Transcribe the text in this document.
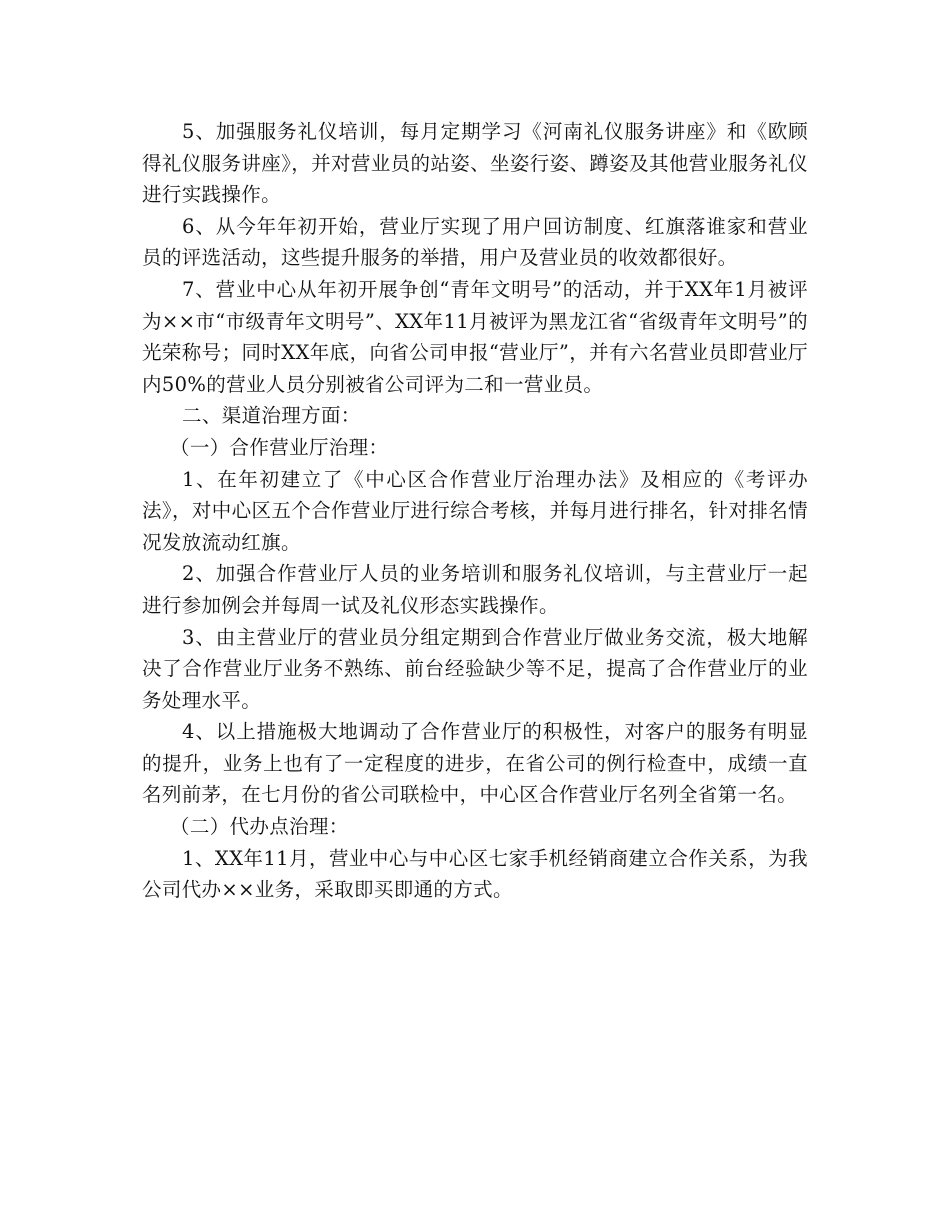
5、加强服务礼仪培训，每月定期学习《河南礼仪服务讲座》和《欧顾得礼仪服务讲座》，并对营业员的站姿、坐姿行姿、蹲姿及其他营业服务礼仪进行实践操作。

6、从今年年初开始，营业厅实现了用户回访制度、红旗落谁家和营业员的评选活动，这些提升服务的举措，用户及营业员的收效都很好。

7、营业中心从年初开展争创“青年文明号”的活动，并于XX年1月被评为××市“市级青年文明号”、XX年11月被评为黑龙江省“省级青年文明号”的光荣称号；同时XX年底，向省公司申报“营业厅”，并有六名营业员即营业厅内50%的营业人员分别被省公司评为二和一营业员。

二、渠道治理方面：

（一）合作营业厅治理：

1、在年初建立了《中心区合作营业厅治理办法》及相应的《考评办法》，对中心区五个合作营业厅进行综合考核，并每月进行排名，针对排名情况发放流动红旗。

2、加强合作营业厅人员的业务培训和服务礼仪培训，与主营业厅一起进行参加例会并每周一试及礼仪形态实践操作。

3、由主营业厅的营业员分组定期到合作营业厅做业务交流，极大地解决了合作营业厅业务不熟练、前台经验缺少等不足，提高了合作营业厅的业务处理水平。

4、以上措施极大地调动了合作营业厅的积极性，对客户的服务有明显的提升，业务上也有了一定程度的进步，在省公司的例行检查中，成绩一直名列前茅，在七月份的省公司联检中，中心区合作营业厅名列全省第一名。

（二）代办点治理：

1、XX年11月，营业中心与中心区七家手机经销商建立合作关系，为我公司代办××业务，采取即买即通的方式。
